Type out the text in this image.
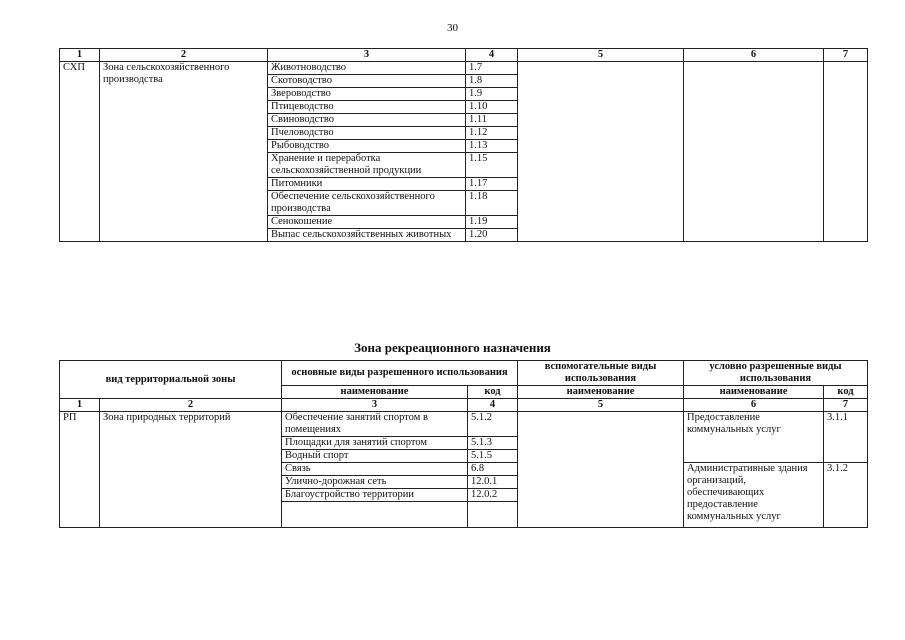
30
1	2	3	4	5	6	7
СХП	Зона сельскохозяйственного производства	Животноводство	1.7			
		Скотоводство	1.8			
		Звероводство	1.9			
		Птицеводство	1.10			
		Свиноводство	1.11			
		Пчеловодство	1.12			
		Рыбоводство	1.13			
		Хранение и переработка сельскохозяйственной продукции	1.15			
		Питомники	1.17			
		Обеспечение сельскохозяйственного производства	1.18			
		Сенокошение	1.19			
		Выпас сельскохозяйственных животных	1.20			
Зона рекреационного назначения
вид территориальной зоны		основные виды разрешенного использования		вспомогательные виды использования	условно разрешенные виды использования	
		наименование	код	наименование	наименование	код
1	2	3	4	5	6	7
РП	Зона природных территорий	Обеспечение занятий спортом в помещениях	5.1.2		Предоставление коммунальных услуг	3.1.1
		Площадки для занятий спортом	5.1.3			
		Водный спорт	5.1.5			
		Связь	6.8		Административные здания организаций, обеспечивающих предоставление коммунальных услуг	3.1.2
		Улично-дорожная сеть	12.0.1			
		Благоустройство территории	12.0.2			
